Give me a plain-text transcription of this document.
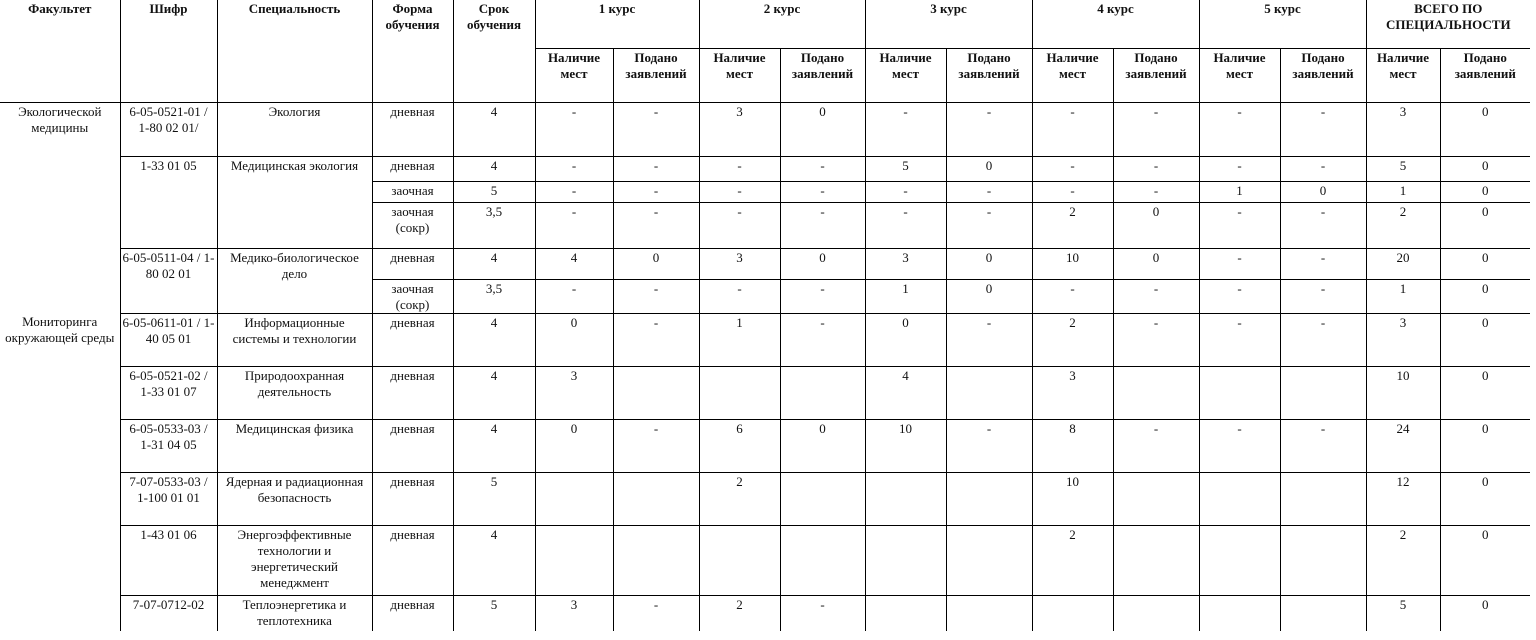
Факультет	Шифр	Специальность	Форма обучения	Срок обучения	1 курс		2 курс		3 курс		4 курс		5 курс		ВСЕГО ПО СПЕЦИАЛЬНОСТИ	
					Наличие мест	Подано заявлений	Наличие мест	Подано заявлений	Наличие мест	Подано заявлений	Наличие мест	Подано заявлений	Наличие мест	Подано заявлений	Наличие мест	Подано заявлений
Экологической медицины	6-05-0521-01 / 1-80 02 01/	Экология	дневная	4	-	-	3	0	-	-	-	-	-	-	3	0
	1-33 01 05	Медицинская экология	дневная	4	-	-	-	-	5	0	-	-	-	-	5	0
			заочная	5	-	-	-	-	-	-	-	-	1	0	1	0
			заочная (сокр)	3,5	-	-	-	-	-	-	2	0	-	-	2	0
	6-05-0511-04 / 1-80 02 01	Медико-биологическое дело	дневная	4	4	0	3	0	3	0	10	0	-	-	20	0
			заочная (сокр)	3,5	-	-	-	-	1	0	-	-	-	-	1	0
Мониторинга окружающей среды	6-05-0611-01 / 1-40 05 01	Информационные системы и технологии	дневная	4	0	-	1	-	0	-	2	-	-	-	3	0
	6-05-0521-02 / 1-33 01 07	Природоохранная деятельность	дневная	4	3				4		3				10	0
	6-05-0533-03 / 1-31 04 05	Медицинская физика	дневная	4	0	-	6	0	10	-	8	-	-	-	24	0
	7-07-0533-03 / 1-100 01 01	Ядерная и радиационная безопасность	дневная	5			2				10				12	0
	1-43 01 06	Энергоэффективные технологии и энергетический менеджмент	дневная	4							2				2	0
	7-07-0712-02	Теплоэнергетика и теплотехника	дневная	5	3	-	2	-							5	0
